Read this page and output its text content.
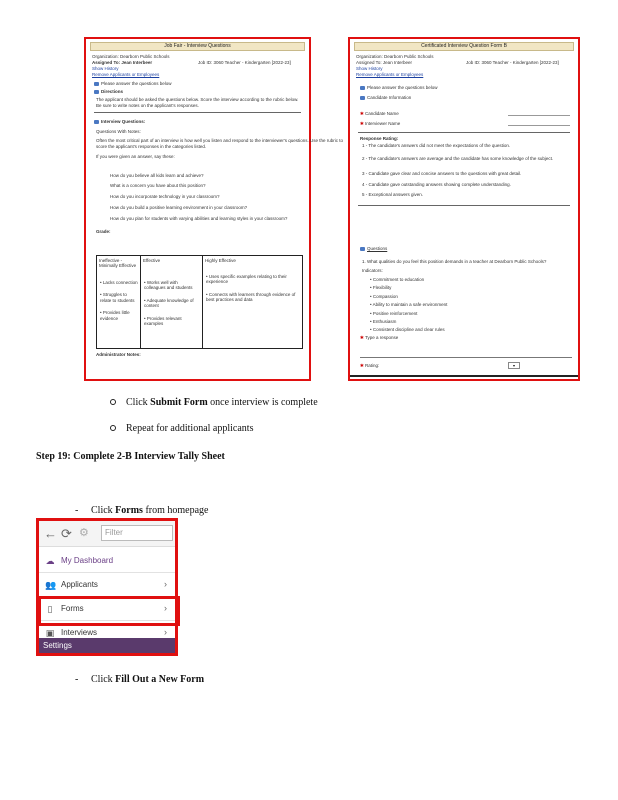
Job Fair - Interview Questions
Organization: Dearborn Public Schools
Assigned To: Jean Interbeer	Job ID: 3060 Teacher - Kindergarten [2022-23]
Show History
Remove Applicants or Employees
Please answer the questions below
Directions
The applicant should be asked the questions below. Score the interview according to the rubric below.
Be sure to write notes on the applicant's responses.
Interview Questions:
Questions With Notes:
Often the most critical part of an interview is how well you listen and respond to the interviewer's questions. Use the rubric to
score the applicant's responses in the categories listed.
If you were given an answer, say these:
How do you believe all kids learn and achieve?
What is a concern you have about this position?
How do you incorporate technology in your classroom?
How do you build a positive learning environment in your classroom?
How do you plan for students with varying abilities and learning styles in your classroom?
Grade:
Ineffective - Minimally Effective
• Lacks connection
• Struggles to relate to students
• Provides little evidence
Effective
• Works well with colleagues and students
• Adequate knowledge of content
• Provides relevant examples
Highly Effective
• Uses specific examples relating to their experience
• Connects with learners through evidence of best practices and data
Administrator Notes:
Certificated Interview Question Form B
Organization: Dearborn Public Schools
Assigned To: Jean Interbeer	Job ID: 3060 Teacher - Kindergarten [2022-23]
Show History
Remove Applicants or Employees
Please answer the questions below
Candidate Information
✱ Candidate Name
✱ Interviewer Name
Response Rating:
1 - The candidate's answers did not meet the expectations of the question.
2 - The candidate's answers are average and the candidate has some knowledge of the subject.
3 - Candidate gave clear and concise answers to the questions with great detail.
4 - Candidate gave outstanding answers showing complete understanding.
5 - Exceptional answers given.
Questions
1. What qualities do you feel this position demands in a teacher at Dearborn Public Schools?
Indicators:
• Commitment to education
• Flexibility
• Compassion
• Ability to maintain a safe environment
• Positive reinforcement
• Enthusiasm
• Consistent discipline and clear rules
✱ Type a response
✱ Rating:	▾
Click Submit Form once interview is complete
Repeat for additional applicants
Step 19: Complete 2-B Interview Tally Sheet
- Click Forms from homepage
← ⟳ ⚙	Filter
☁ My Dashboard
👥 Applicants	›
▯	Forms	›
▣ Interviews	›
Settings
- Click Fill Out a New Form
